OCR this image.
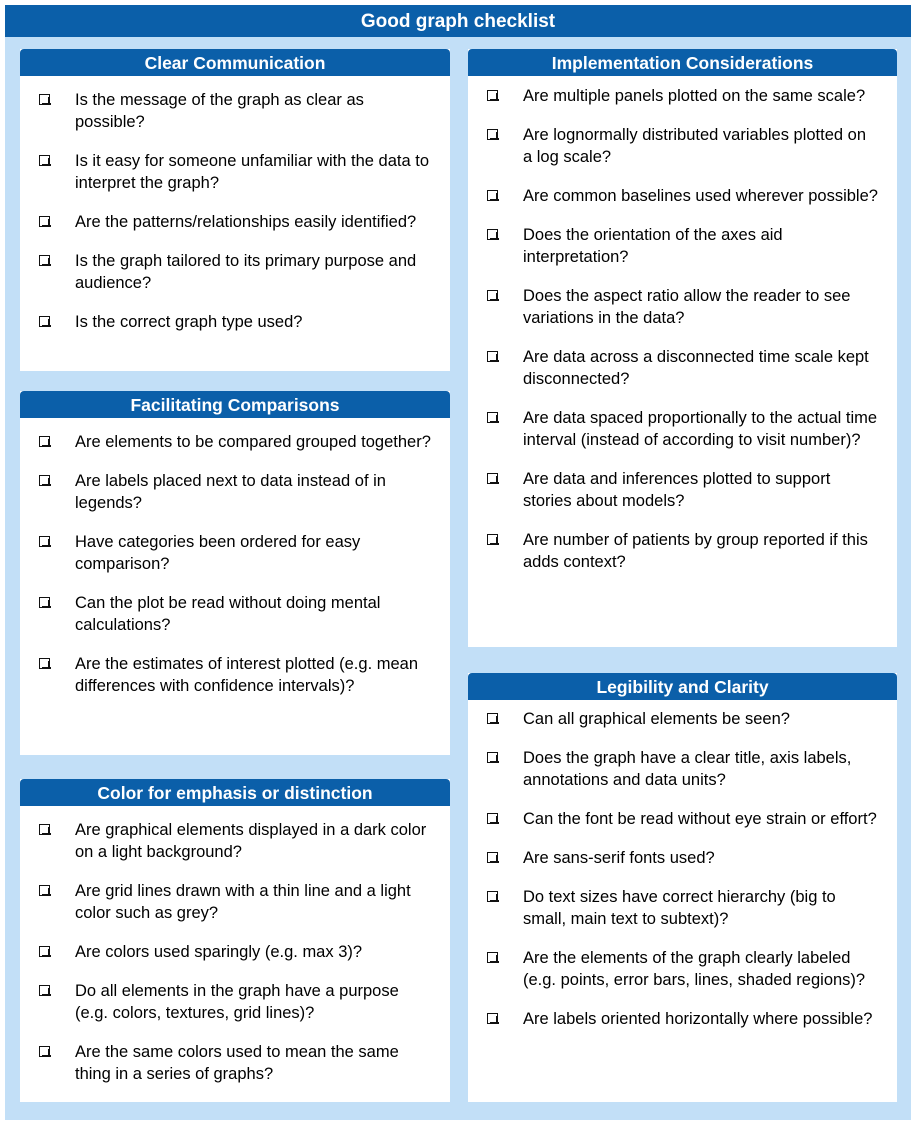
Good graph checklist
Clear Communication
Is the message of the graph as clear as possible?
Is it easy for someone unfamiliar with the data to interpret the graph?
Are the patterns/relationships easily identified?
Is the graph tailored to its primary purpose and audience?
Is the correct graph type used?
Facilitating Comparisons
Are elements to be compared grouped together?
Are labels placed next to data instead of in legends?
Have categories been ordered for easy comparison?
Can the plot be read without doing mental calculations?
Are the estimates of interest plotted (e.g. mean differences with confidence intervals)?
Color for emphasis or distinction
Are graphical elements displayed in a dark color on a light background?
Are grid lines drawn with a thin line and a light color such as grey?
Are colors used sparingly (e.g. max 3)?
Do all elements in the graph have a purpose (e.g. colors, textures, grid lines)?
Are the same colors used to mean the same thing in a series of graphs?
Implementation Considerations
Are multiple panels plotted on the same scale?
Are lognormally distributed variables plotted on a log scale?
Are common baselines used wherever possible?
Does the orientation of the axes aid interpretation?
Does the aspect ratio allow the reader to see variations in the data?
Are data across a disconnected time scale kept disconnected?
Are data spaced proportionally to the actual time interval (instead of according to visit number)?
Are data and inferences plotted to support stories about models?
Are number of patients by group reported if this adds context?
Legibility and Clarity
Can all graphical elements be seen?
Does the graph have a clear title, axis labels, annotations and data units?
Can the font be read without eye strain or effort?
Are sans-serif fonts used?
Do text sizes have correct hierarchy (big to small, main text to subtext)?
Are the elements of the graph clearly labeled (e.g. points, error bars, lines, shaded regions)?
Are labels oriented horizontally where possible?
